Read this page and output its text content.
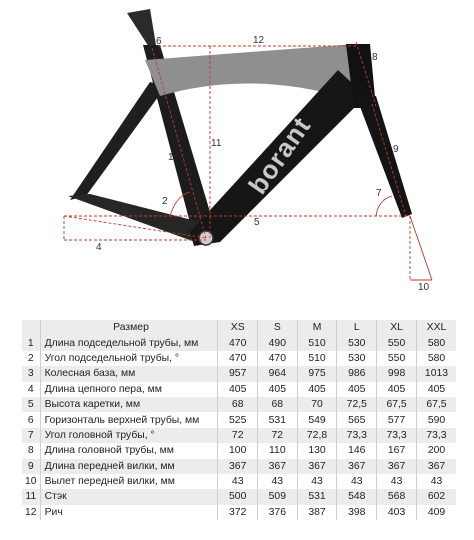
borant
6	12
8
11
1
9
2
7
3
5
4
10
	Размер	XS	S	M	L	XL	XXL
1	Длина подседельной трубы, мм	470	490	510	530	550	580
2	Угол подседельной трубы, °	470	470	510	530	550	580
3	Колесная база, мм	957	964	975	986	998	1013
4	Длина цепного пера, мм	405	405	405	405	405	405
5	Высота каретки, мм	68	68	70	72,5	67,5	67,5
6	Горизонталь верхней трубы, мм	525	531	549	565	577	590
7	Угол головной трубы, °	72	72	72,8	73,3	73,3	73,3
8	Длина головной трубы, мм	100	110	130	146	167	200
9	Длина передней вилки, мм	367	367	367	367	367	367
10	Вылет передней вилки, мм	43	43	43	43	43	43
11	Стэк	500	509	531	548	568	602
12	Рич	372	376	387	398	403	409
